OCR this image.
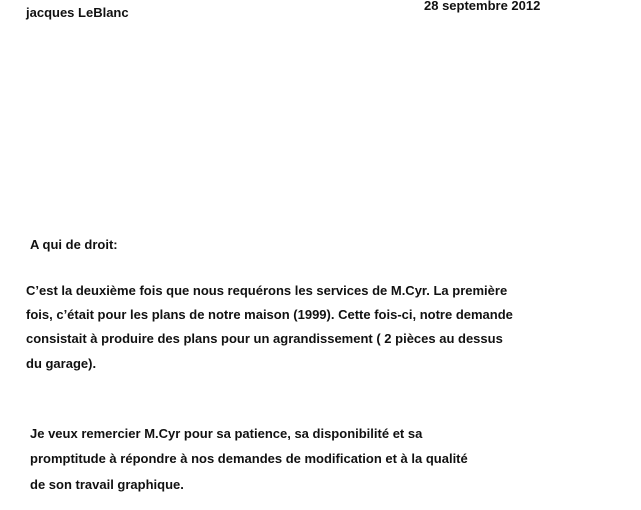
jacques LeBlanc	28 septembre 2012
A qui de droit:
C’est la deuxième fois que nous requérons les services de M.Cyr. La première
fois, c’était pour les plans de notre maison (1999). Cette fois-ci, notre demande
consistait à produire des plans pour un agrandissement ( 2 pièces au dessus
du garage).
Je veux remercier M.Cyr pour sa patience, sa disponibilité et sa
promptitude à répondre à nos demandes de modification et à la qualité
de son travail graphique.
